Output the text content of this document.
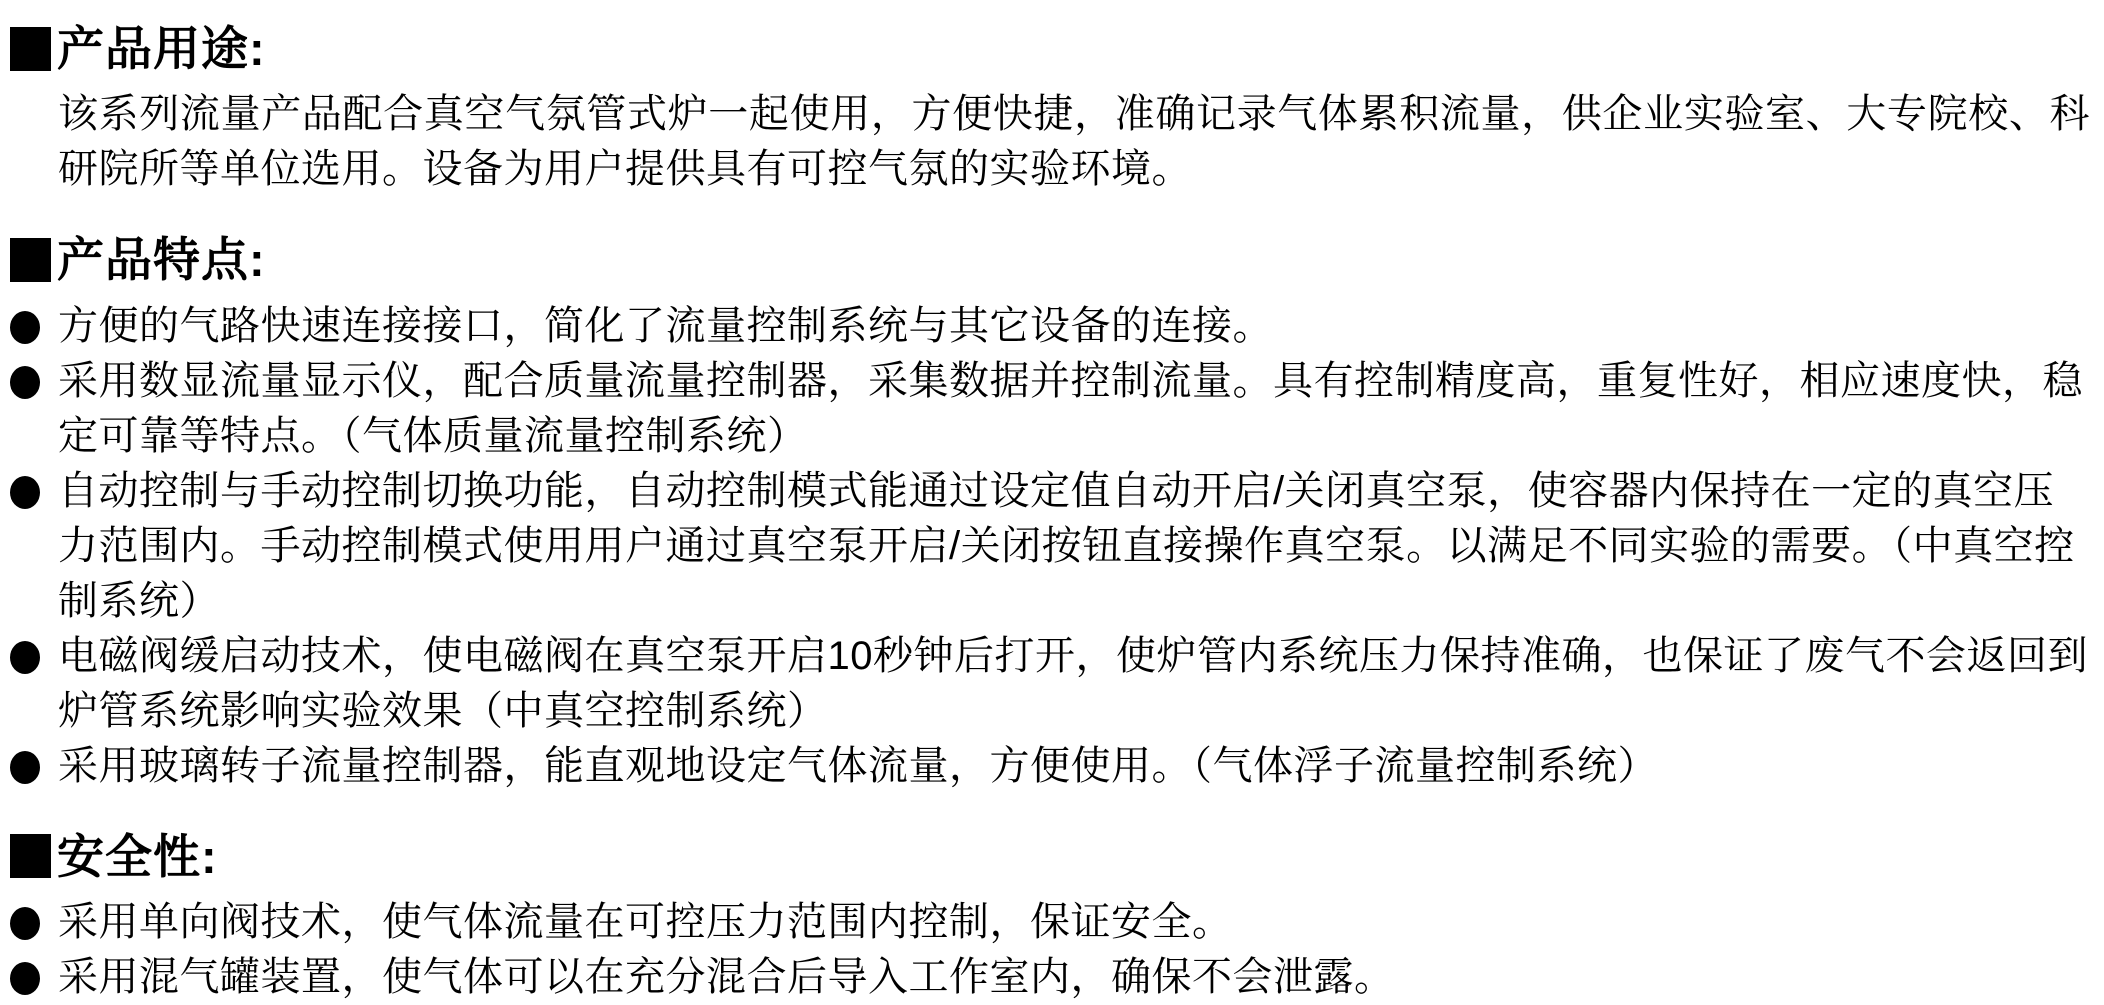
产品用途:

该系列流量产品配合真空气氛管式炉一起使用，方便快捷，准确记录气体累积流量，供企业实验室、大专院校、科研院所等单位选用。设备为用户提供具有可控气氛的实验环境。

产品特点:
方便的气路快速连接接口，简化了流量控制系统与其它设备的连接。
采用数显流量显示仪，配合质量流量控制器，采集数据并控制流量。具有控制精度高，重复性好，相应速度快，稳定可靠等特点。（气体质量流量控制系统）
自动控制与手动控制切换功能，自动控制模式能通过设定值自动开启/关闭真空泵，使容器内保持在一定的真空压力范围内。手动控制模式使用用户通过真空泵开启/关闭按钮直接操作真空泵。以满足不同实验的需要。（中真空控制系统）
电磁阀缓启动技术，使电磁阀在真空泵开启10秒钟后打开，使炉管内系统压力保持准确，也保证了废气不会返回到炉管系统影响实验效果（中真空控制系统）
采用玻璃转子流量控制器，能直观地设定气体流量，方便使用。（气体浮子流量控制系统）
安全性:
采用单向阀技术，使气体流量在可控压力范围内控制，保证安全。
采用混气罐装置，使气体可以在充分混合后导入工作室内，确保不会泄露。
